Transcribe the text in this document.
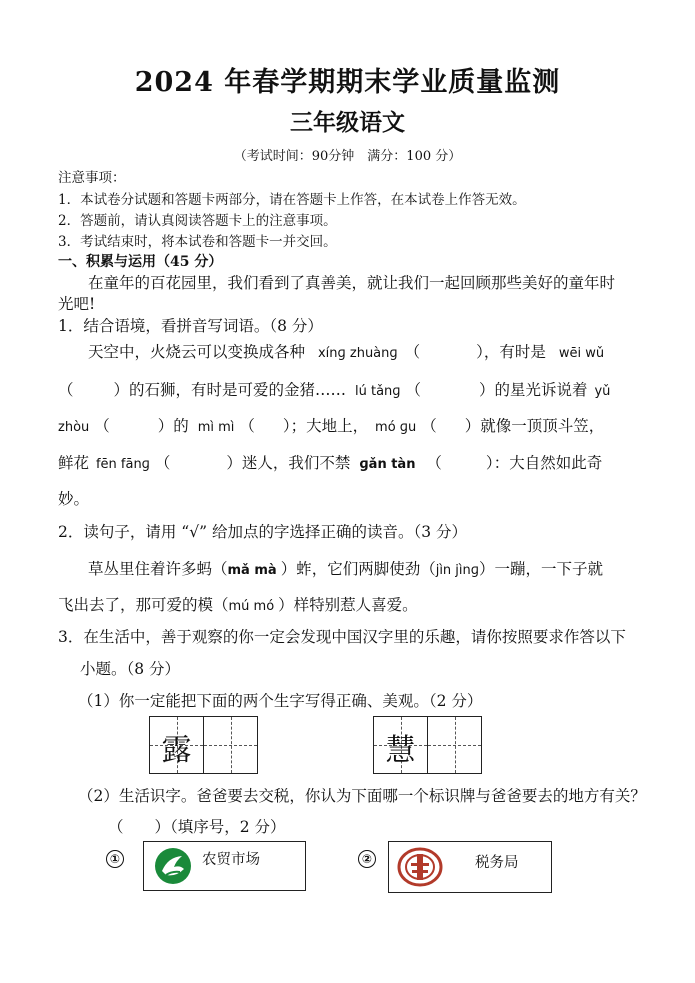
2024 年春学期期末学业质量监测
三年级语文
（考试时间：90分钟　满分：100 分）
注意事项：
1．本试卷分试题和答题卡两部分，请在答题卡上作答，在本试卷上作答无效。
2．答题前，请认真阅读答题卡上的注意事项。
3．考试结束时，将本试卷和答题卡一并交回。
一、积累与运用（45 分）
在童年的百花园里，我们看到了真善美，就让我们一起回顾那些美好的童年时
光吧!
1．结合语境，看拼音写词语。（8 分）
天空中，火烧云可以变换成各种 xínɡ zhuànɡ （	），有时是 wēi wǔ
（	）的石狮，有时是可爱的金猪…… lú tǎnɡ （	）的星光诉说着 yǔ
zhòu （	）的 mì mì （ ）；大地上， mó ɡu （ ）就像一顶顶斗笠，
鲜花 fēn fānɡ （	）迷人，我们不禁 ɡǎn tàn （	）：大自然如此奇
妙。
2．读句子，请用 “√” 给加点的字选择正确的读音。（3 分）
草丛里住着许多蚂（mǎ mà ）蚱，它们两脚使劲（jìn jìnɡ）一蹦，一下子就
飞出去了，那可爱的模（mú mó ）样特别惹人喜爱。
3．在生活中，善于观察的你一定会发现中国汉字里的乐趣，请你按照要求作答以下
小题。（8 分）
（1）你一定能把下面的两个生字写得正确、美观。（2 分）
露	慧
（2）生活识字。爸爸要去交税，你认为下面哪一个标识牌与爸爸要去的地方有关？
（　　）（填序号，2 分）
①	农贸市场	②	税务局
